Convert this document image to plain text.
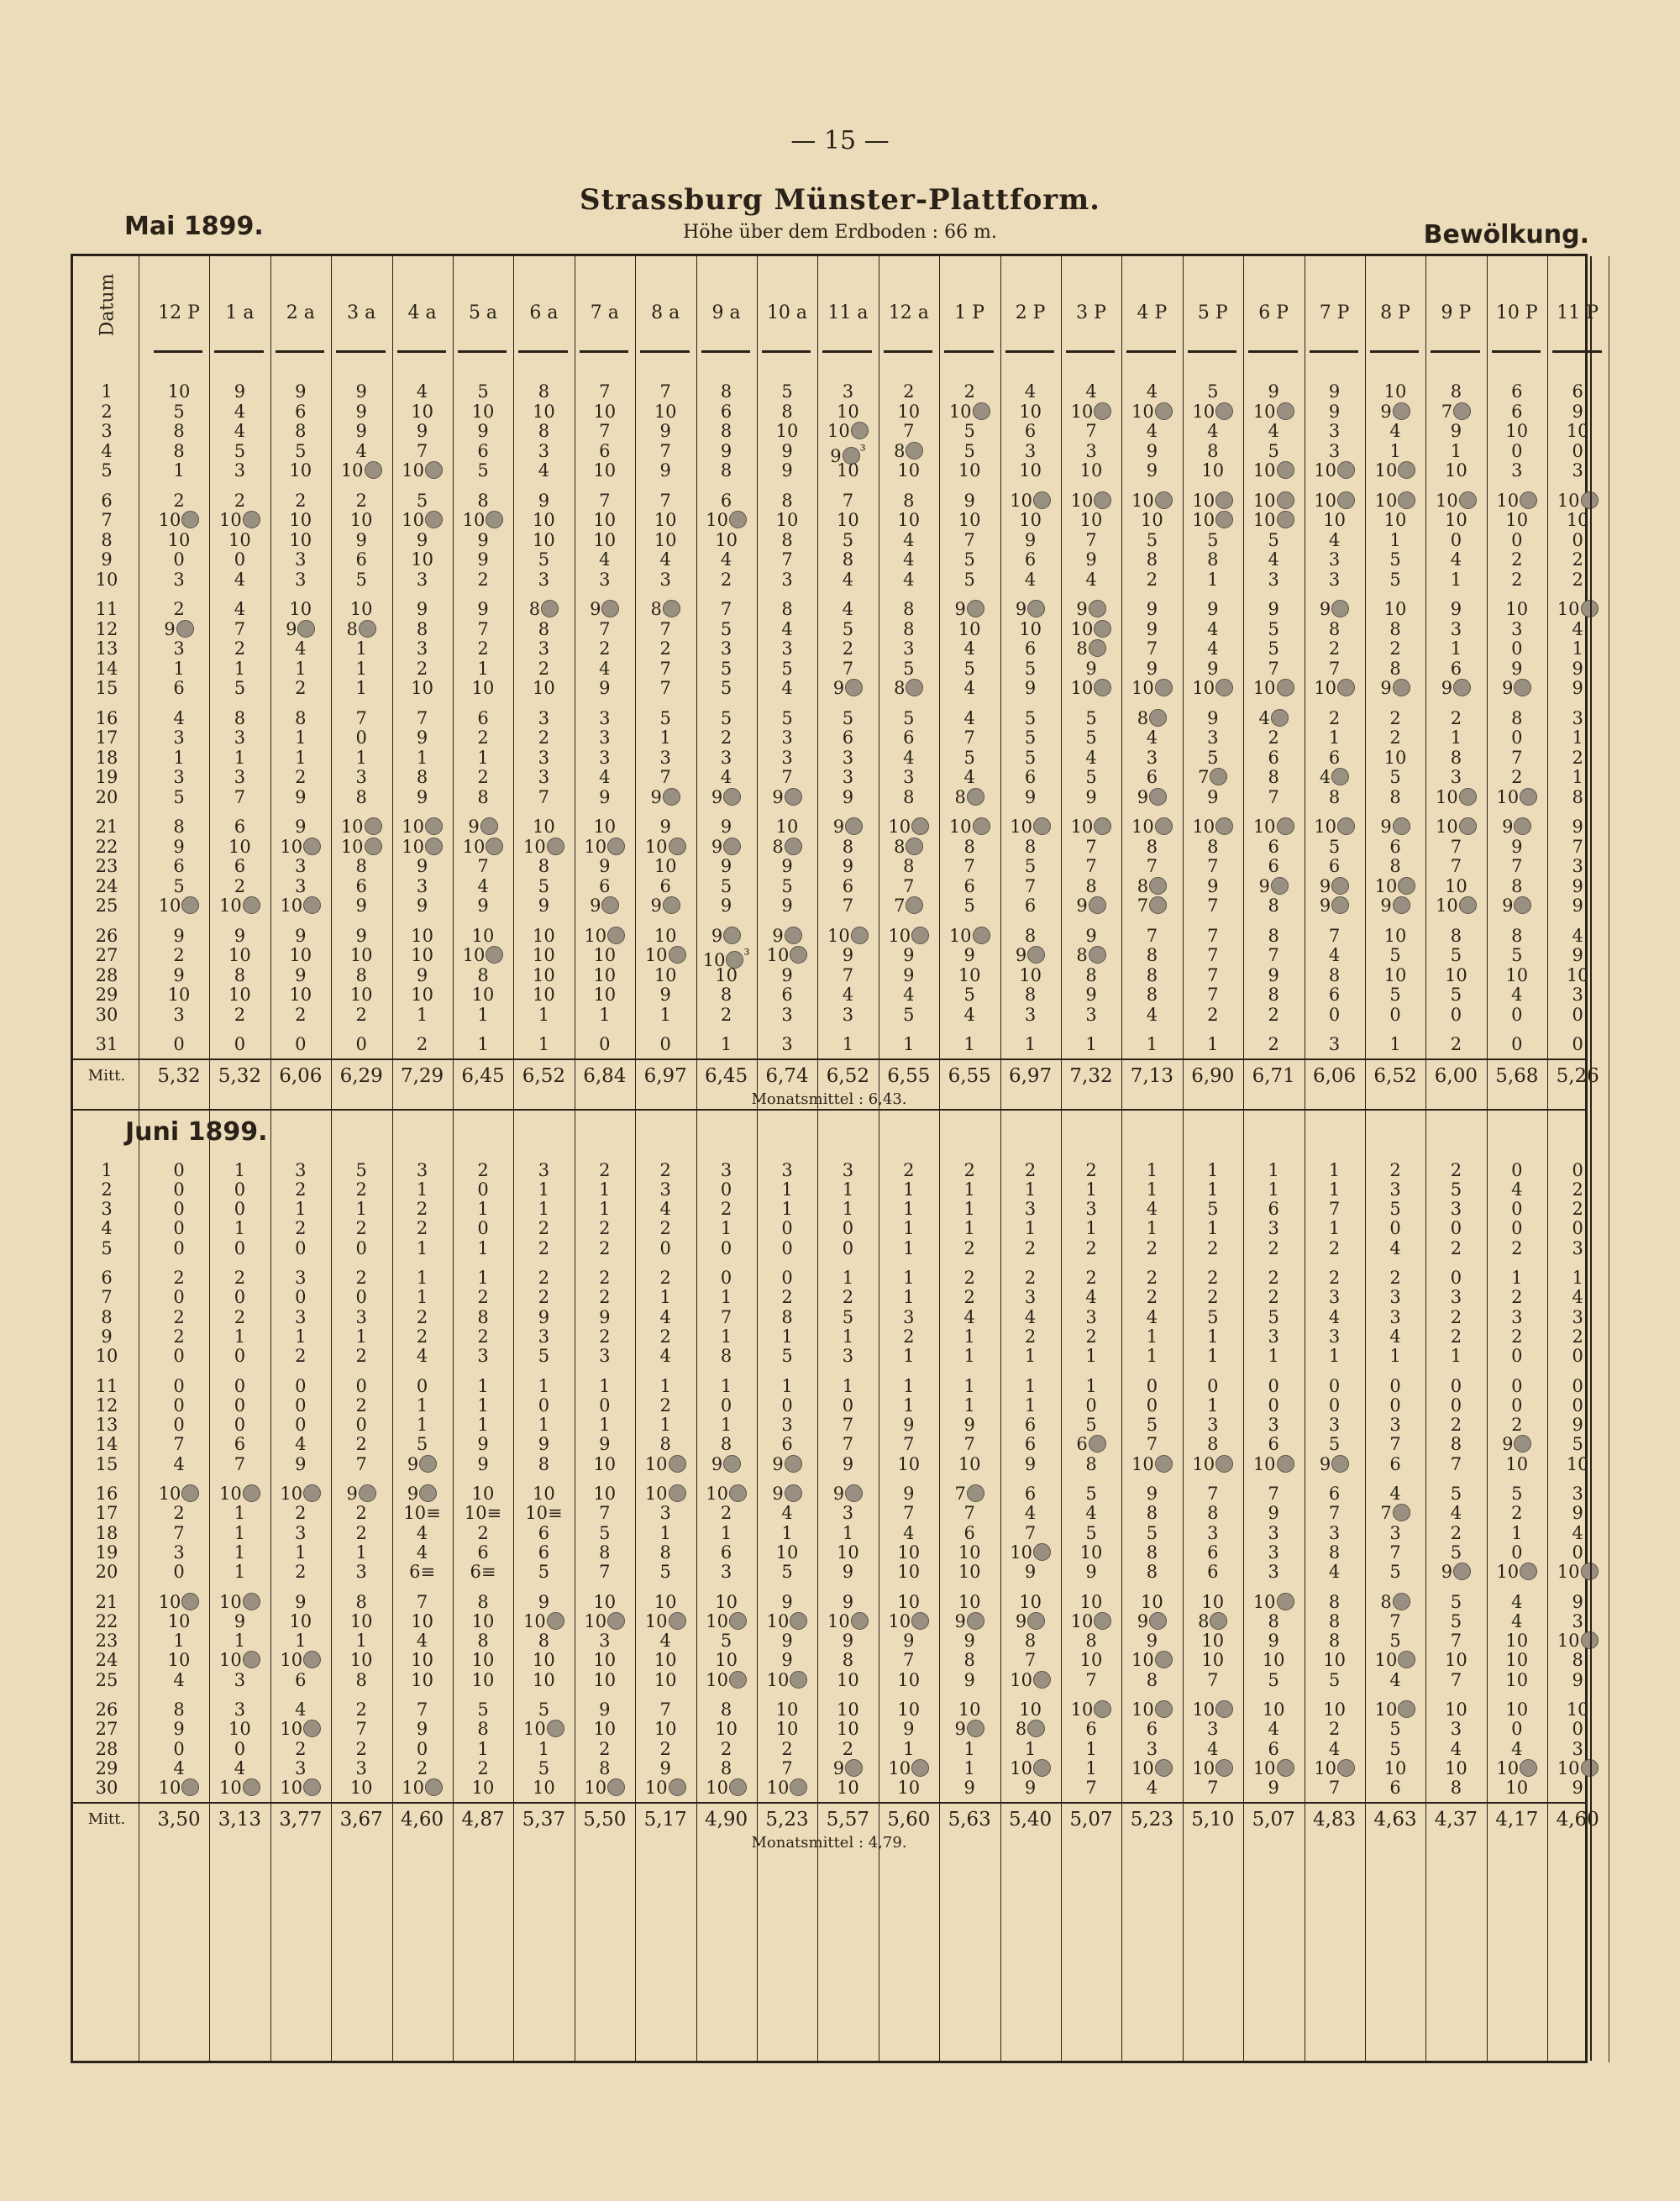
— 15 —
Strassburg Münster-Plattform.
Höhe über dem Erdboden : 66 m.
Mai 1899.	Bewölkung.
Datum	12 P	1 a	2 a	3 a	4 a	5 a	6 a	7 a	8 a	9 a	10 a	11 a	12 a	1 P	2 P	3 P	4 P	5 P	6 P	7 P	8 P	9 P	10 P	11 P
1	10	9	9	9	4	5	8	7	7	8	5	3	2	2	4	4	4	5	9	9	10	8	6	6
2	5	4	6	9	10	10	10	10	10	6	8	10	10	10	10	10	10	10	10	9	9	7	6	9
3	8	4	8	9	9	9	8	7	9	8	10	10	7	5	6	7	4	4	4	3	4	9	10	10
4	8	5	5	4	7	6	3	6	7	9	9	9 $^{^3}$	8	5	3	3	9	8	5	3	1	1	0	0
5	1	3	10	10	10	5	4	10	9	8	9	10	10	10	10	10	9	10	10	10	10	10	3	3
6	2	2	2	2	5	8	9	7	7	6	8	7	8	9	10	10	10	10	10	10	10	10	10	10
7	10	10	10	10	10	10	10	10	10	10	10	10	10	10	10	10	10	10	10	10	10	10	10	10
8	10	10	10	9	9	9	10	10	10	10	8	5	4	7	9	7	5	5	5	4	1	0	0	0
9	0	0	3	6	10	9	5	4	4	4	7	8	4	5	6	9	8	8	4	3	5	4	2	2
10	3	4	3	5	3	2	3	3	3	2	3	4	4	5	4	4	2	1	3	3	5	1	2	2
11	2	4	10	10	9	9	8	9	8	7	8	4	8	9	9	9	9	9	9	9	10	9	10	10
12	9	7	9	8	8	7	8	7	7	5	4	5	8	10	10	10	9	4	5	8	8	3	3	4
13	3	2	4	1	3	2	3	2	2	3	3	2	3	4	6	8	7	4	5	2	2	1	0	1
14	1	1	1	1	2	1	2	4	7	5	5	7	5	5	5	9	9	9	7	7	8	6	9	9
15	6	5	2	1	10	10	10	9	7	5	4	9	8	4	9	10	10	10	10	10	9	9	9	9
16	4	8	8	7	7	6	3	3	5	5	5	5	5	4	5	5	8	9	4	2	2	2	8	3
17	3	3	1	0	9	2	2	3	1	2	3	6	6	7	5	5	4	3	2	1	2	1	0	1
18	1	1	1	1	1	1	3	3	3	3	3	3	4	5	5	4	3	5	6	6	10	8	7	2
19	3	3	2	3	8	2	3	4	7	4	7	3	3	4	6	5	6	7	8	4	5	3	2	1
20	5	7	9	8	9	8	7	9	9	9	9	9	8	8	9	9	9	9	7	8	8	10	10	8
21	8	6	9	10	10	9	10	10	9	9	10	9	10	10	10	10	10	10	10	10	9	10	9	9
22	9	10	10	10	10	10	10	10	10	9	8	8	8	8	8	7	8	8	6	5	6	7	9	7
23	6	6	3	8	9	7	8	9	10	9	9	9	8	7	5	7	7	7	6	6	8	7	7	3
24	5	2	3	6	3	4	5	6	6	5	5	6	7	6	7	8	8	9	9	9	10	10	8	9
25	10	10	10	9	9	9	9	9	9	9	9	7	7	5	6	9	7	7	8	9	9	10	9	9
26	9	9	9	9	10	10	10	10	10	9	9	10	10	10	8	9	7	7	8	7	10	8	8	4
27	2	10	10	10	10	10	10	10	10	10 $^{^3}$ 10	9	9	9	9	8	8	7	7	4	5	5	5	9
28	9	8	9	8	9	8	10	10	10	10	9	7	9	10	10	8	8	7	9	8	10	10	10	10
29	10	10	10	10	10	10	10	10	9	8	6	4	4	5	8	9	8	7	8	6	5	5	4	3
30	3	2	2	2	1	1	1	1	1	2	3	3	5	4	3	3	4	2	2	0	0	0	0	0
31	0	0	0	0	2	1	1	0	0	1	3	1	1	1	1	1	1	1	2	3	1	2	0	0
Mitt.	5,32 5,32 6,06 6,29 7,29 6,45 6,52 6,84 6,97 6,45 6,74 6,52 6,55 6,55 6,97 7,32 7,13 6,90 6,71 6,06 6,52 6,00 5,68 5,26
Monatsmittel : 6,43.
1	0	1	3	5	3	2	3	2	2	3	3	3	2	2	2	2	1	1	1	1	2	2	0	0
2	0	0	2	2	1	0	1	1	3	0	1	1	1	1	1	1	1	1	1	1	3	5	4	2
3	0	0	1	1	2	1	1	1	4	2	1	1	1	1	3	3	4	5	6	7	5	3	0	2
4	0	1	2	2	2	0	2	2	2	1	0	0	1	1	1	1	1	1	3	1	0	0	0	0
5	0	0	0	0	1	1	2	2	0	0	0	0	1	2	2	2	2	2	2	2	4	2	2	3
6	2	2	3	2	1	1	2	2	2	0	0	1	1	2	2	2	2	2	2	2	2	0	1	1
7	0	0	0	0	1	2	2	2	1	1	2	2	1	2	3	4	2	2	2	3	3	3	2	4
8	2	2	3	3	2	8	9	9	4	7	8	5	3	4	4	3	4	5	5	4	3	2	3	3
9	2	1	1	1	2	2	3	2	2	1	1	1	2	1	2	2	1	1	3	3	4	2	2	2
10	0	0	2	2	4	3	5	3	4	8	5	3	1	1	1	1	1	1	1	1	1	1	0	0
11	0	0	0	0	0	1	1	1	1	1	1	1	1	1	1	1	0	0	0	0	0	0	0	0
12	0	0	0	2	1	1	0	0	2	0	0	0	1	1	1	0	0	1	0	0	0	0	0	0
13	0	0	0	0	1	1	1	1	1	1	3	7	9	9	6	5	5	3	3	3	3	2	2	9
14	7	6	4	2	5	9	9	9	8	8	6	7	7	7	6	6	7	8	6	5	7	8	9	5
15	4	7	9	7	9	9	8	10	10	9	9	9	10	10	9	8	10	10	10	9	6	7	10	10
16	10	10	10	9	9	10	10	10	10	10	9	9	9	7	6	5	9	7	7	6	4	5	5	3
17	2	1	2	2	10≡	10≡	10≡	7	3	2	4	3	7	7	4	4	8	8	9	7	7	4	2	9
18	7	1	3	2	4	2	6	5	1	1	1	1	4	6	7	5	5	3	3	3	3	2	1	4
19	3	1	1	1	4	6	6	8	8	6	10	10	10	10	10	10	8	6	3	8	7	5	0	0
20	0	1	2	3	6≡	6≡	5	7	5	3	5	9	10	10	9	9	8	6	3	4	5	9	10	10
21	10	10	9	8	7	8	9	10	10	10	9	9	10	10	10	10	10	10	10	8	8	5	4	9
22	10	9	10	10	10	10	10	10	10	10	10	10	10	9	9	10	9	8	8	8	7	5	4	3
23	1	1	1	1	4	8	8	3	4	5	9	9	9	9	8	8	9	10	9	8	5	7	10	10
24	10	10	10	10	10	10	10	10	10	10	9	8	7	8	7	10	10	10	10	10	10	10	10	8
25	4	3	6	8	10	10	10	10	10	10	10	10	10	9	10	7	8	7	5	5	4	7	10	9
26	8	3	4	2	7	5	5	9	7	8	10	10	10	10	10	10	10	10	10	10	10	10	10	10
27	9	10	10	7	9	8	10	10	10	10	10	10	9	9	8	6	6	3	4	2	5	3	0	0
28	0	0	2	2	0	1	1	2	2	2	2	2	1	1	1	1	3	4	6	4	5	4	4	3
29	4	4	3	3	2	2	5	8	9	8	7	9	10	1	10	1	10	10	10	10	10	10	10	10
30	10	10	10	10	10	10	10	10	10	10	10	10	10	9	9	7	4	7	9	7	6	8	10	9
Mitt.	3,50 3,13 3,77 3,67 4,60 4,87 5,37 5,50 5,17 4,90 5,23 5,57 5,60 5,63 5,40 5,07 5,23 5,10 5,07 4,83 4,63 4,37 4,17 4,60
Monatsmittel : 4,79.
Juni 1899.
